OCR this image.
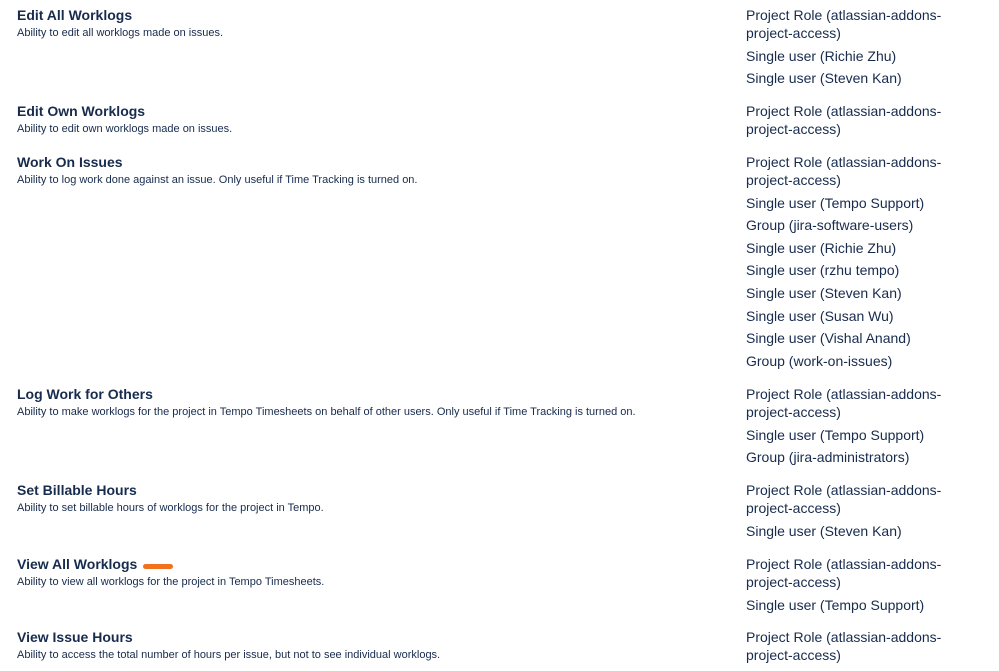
Edit All Worklogs
Ability to edit all worklogs made on issues.
Project Role (atlassian-addons-project-access)
Single user (Richie Zhu)
Single user (Steven Kan)
Edit Own Worklogs
Ability to edit own worklogs made on issues.
Project Role (atlassian-addons-project-access)
Work On Issues
Ability to log work done against an issue. Only useful if Time Tracking is turned on.
Project Role (atlassian-addons-project-access)
Single user (Tempo Support)
Group (jira-software-users)
Single user (Richie Zhu)
Single user (rzhu tempo)
Single user (Steven Kan)
Single user (Susan Wu)
Single user (Vishal Anand)
Group (work-on-issues)
Log Work for Others
Ability to make worklogs for the project in Tempo Timesheets on behalf of other users. Only useful if Time Tracking is turned on.
Project Role (atlassian-addons-project-access)
Single user (Tempo Support)
Group (jira-administrators)
Set Billable Hours
Ability to set billable hours of worklogs for the project in Tempo.
Project Role (atlassian-addons-project-access)
Single user (Steven Kan)
View All Worklogs
Ability to view all worklogs for the project in Tempo Timesheets.
Project Role (atlassian-addons-project-access)
Single user (Tempo Support)
View Issue Hours
Ability to access the total number of hours per issue, but not to see individual worklogs.
Project Role (atlassian-addons-project-access)
